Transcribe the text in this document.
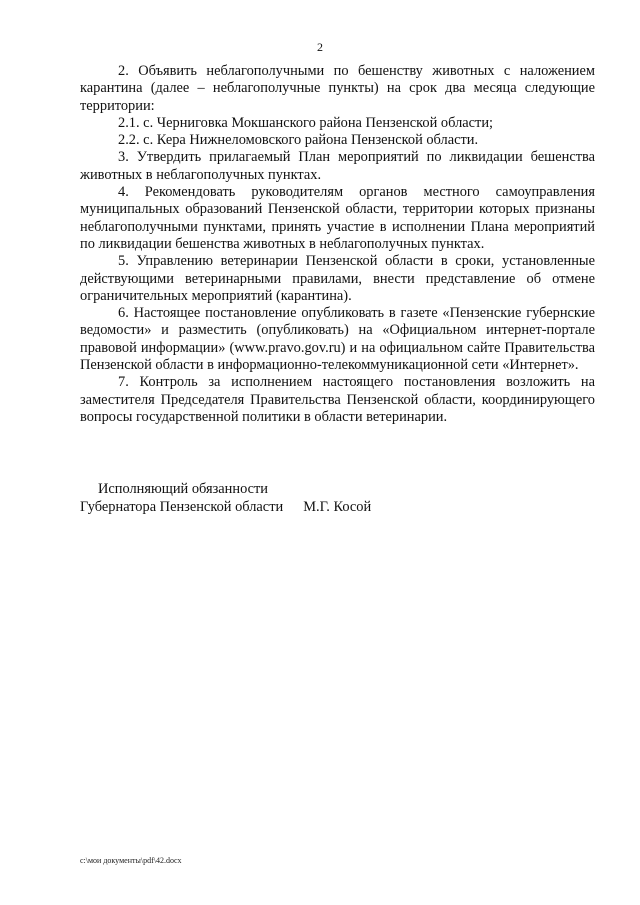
2

2. Объявить неблагополучными по бешенству животных с наложением карантина (далее – неблагополучные пункты) на срок два месяца следующие территории:

2.1. с. Черниговка Мокшанского района Пензенской области;

2.2. с. Кера Нижнеломовского района Пензенской области.

3. Утвердить прилагаемый План мероприятий по ликвидации бешенства животных в неблагополучных пунктах.

4. Рекомендовать руководителям органов местного самоуправления муниципальных образований Пензенской области, территории которых признаны неблагополучными пунктами, принять участие в исполнении Плана мероприятий по ликвидации бешенства животных в неблагополучных пунктах.

5. Управлению ветеринарии Пензенской области в сроки, установленные действующими ветеринарными правилами, внести представление об отмене ограничительных мероприятий (карантина).

6. Настоящее постановление опубликовать в газете «Пензенские губернские ведомости» и разместить (опубликовать) на «Официальном интернет-портале правовой информации» (www.pravo.gov.ru) и на официальном сайте Правительства Пензенской области в информационно-телекоммуникационной сети «Интернет».

7. Контроль за исполнением настоящего постановления возложить на заместителя Председателя Правительства Пензенской области, координирующего вопросы государственной политики в области ветеринарии.

Исполняющий обязанности
Губернатора Пензенской области М.Г. Косой
c:\мои документы\pdf\42.docx
